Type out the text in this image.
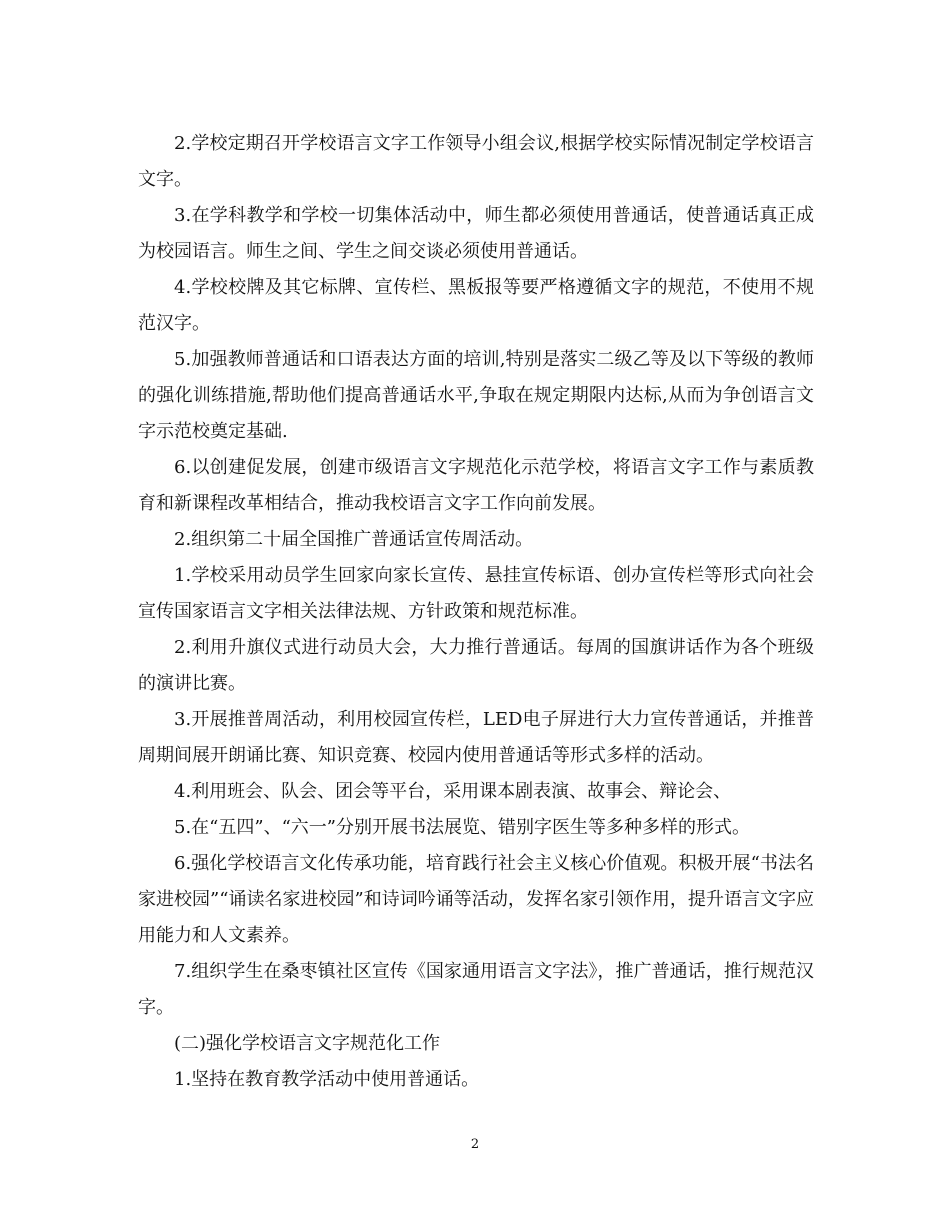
2.学校定期召开学校语言文字工作领导小组会议,根据学校实际情况制定学校语言文字。

3.在学科教学和学校一切集体活动中，师生都必须使用普通话，使普通话真正成为校园语言。师生之间、学生之间交谈必须使用普通话。

4.学校校牌及其它标牌、宣传栏、黑板报等要严格遵循文字的规范，不使用不规范汉字。

5.加强教师普通话和口语表达方面的培训,特别是落实二级乙等及以下等级的教师的强化训练措施,帮助他们提高普通话水平,争取在规定期限内达标,从而为争创语言文字示范校奠定基础.

6.以创建促发展，创建市级语言文字规范化示范学校，将语言文字工作与素质教育和新课程改革相结合，推动我校语言文字工作向前发展。

2.组织第二十届全国推广普通话宣传周活动。

1.学校采用动员学生回家向家长宣传、悬挂宣传标语、创办宣传栏等形式向社会宣传国家语言文字相关法律法规、方针政策和规范标准。

2.利用升旗仪式进行动员大会，大力推行普通话。每周的国旗讲话作为各个班级的演讲比赛。

3.开展推普周活动，利用校园宣传栏，LED电子屏进行大力宣传普通话，并推普周期间展开朗诵比赛、知识竞赛、校园内使用普通话等形式多样的活动。

4.利用班会、队会、团会等平台，采用课本剧表演、故事会、辩论会、

5.在“五四”、“六一”分别开展书法展览、错别字医生等多种多样的形式。

6.强化学校语言文化传承功能，培育践行社会主义核心价值观。积极开展“书法名家进校园”“诵读名家进校园”和诗词吟诵等活动，发挥名家引领作用，提升语言文字应用能力和人文素养。

7.组织学生在桑枣镇社区宣传《国家通用语言文字法》，推广普通话，推行规范汉字。

(二)强化学校语言文字规范化工作

1.坚持在教育教学活动中使用普通话。

2
